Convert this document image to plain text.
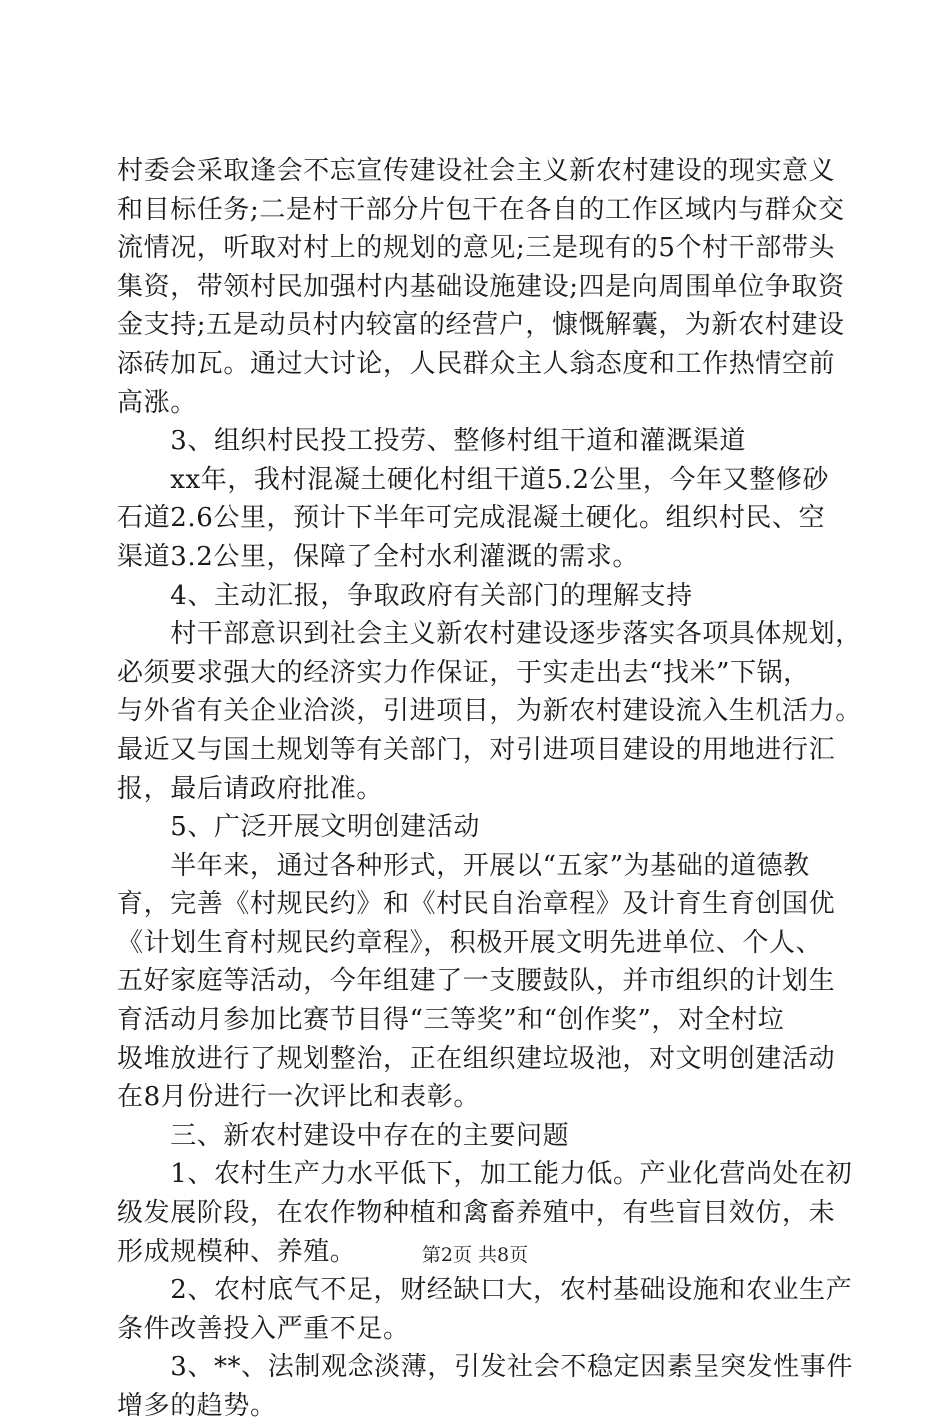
村委会采取逢会不忘宣传建设社会主义新农村建设的现实意义
和目标任务;二是村干部分片包干在各自的工作区域内与群众交
流情况，听取对村上的规划的意见;三是现有的5个村干部带头
集资，带领村民加强村内基础设施建设;四是向周围单位争取资
金支持;五是动员村内较富的经营户，慷慨解囊，为新农村建设
添砖加瓦。通过大讨论，人民群众主人翁态度和工作热情空前
高涨。
　　3、组织村民投工投劳、整修村组干道和灌溉渠道
　　xx年，我村混凝土硬化村组干道5.2公里，今年又整修砂
石道2.6公里，预计下半年可完成混凝土硬化。组织村民、空
渠道3.2公里，保障了全村水利灌溉的需求。
　　4、主动汇报，争取政府有关部门的理解支持
　　村干部意识到社会主义新农村建设逐步落实各项具体规划，
必须要求强大的经济实力作保证，于实走出去“找米”下锅，
与外省有关企业洽淡，引进项目，为新农村建设流入生机活力。
最近又与国土规划等有关部门，对引进项目建设的用地进行汇
报，最后请政府批准。
　　5、广泛开展文明创建活动
　　半年来，通过各种形式，开展以“五家”为基础的道德教
育，完善《村规民约》和《村民自治章程》及计育生育创国优
《计划生育村规民约章程》，积极开展文明先进单位、个人、
五好家庭等活动，今年组建了一支腰鼓队，并市组织的计划生
育活动月参加比赛节目得“三等奖”和“创作奖”，对全村垃
圾堆放进行了规划整治，正在组织建垃圾池，对文明创建活动
在8月份进行一次评比和表彰。
　　三、新农村建设中存在的主要问题
　　1、农村生产力水平低下，加工能力低。产业化营尚处在初
级发展阶段，在农作物种植和禽畜养殖中，有些盲目效仿，未
形成规模种、养殖。
　　2、农村底气不足，财经缺口大，农村基础设施和农业生产
条件改善投入严重不足。
　　3、**、法制观念淡薄，引发社会不稳定因素呈突发性事件
增多的趋势。
第2页 共8页
